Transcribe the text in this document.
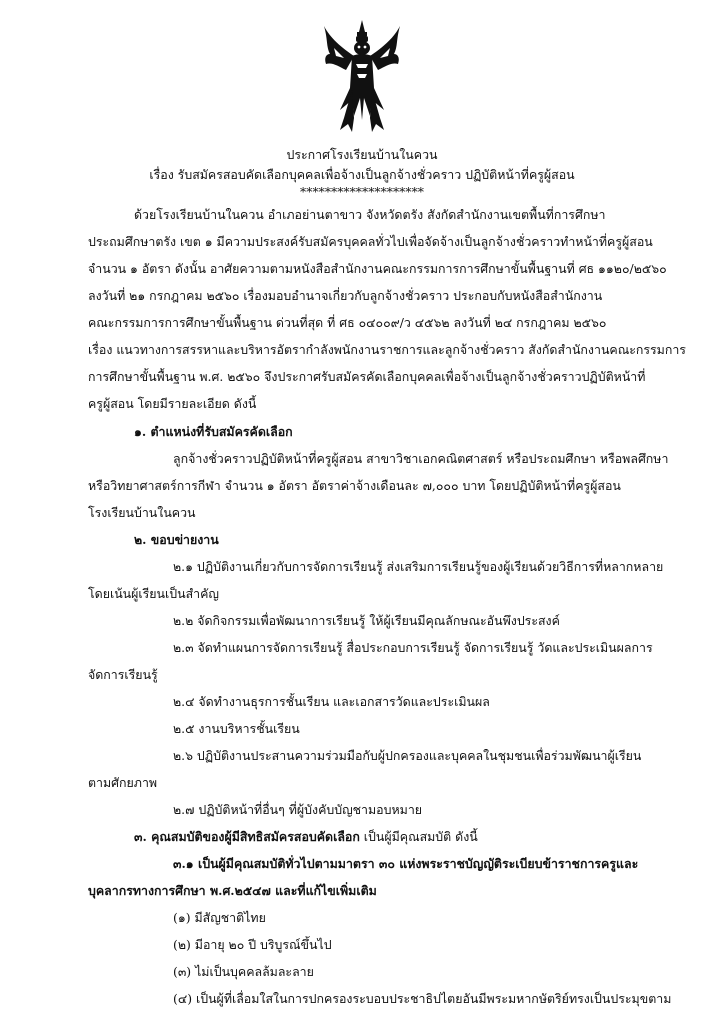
ประกาศโรงเรียนบ้านในควน
เรื่อง รับสมัครสอบคัดเลือกบุคคลเพื่อจ้างเป็นลูกจ้างชั่วคราว ปฏิบัติหน้าที่ครูผู้สอน
********************
ด้วยโรงเรียนบ้านในควน อำเภอย่านตาขาว จังหวัดตรัง สังกัดสำนักงานเขตพื้นที่การศึกษา
ประถมศึกษาตรัง เขต ๑ มีความประสงค์รับสมัครบุคคลทั่วไปเพื่อจัดจ้างเป็นลูกจ้างชั่วคราวทำหน้าที่ครูผู้สอน
จำนวน ๑ อัตรา ดังนั้น อาศัยความตามหนังสือสำนักงานคณะกรรมการการศึกษาขั้นพื้นฐานที่ ศธ ๑๑๒๐/๒๕๖๐
ลงวันที่ ๒๑ กรกฎาคม ๒๕๖๐ เรื่องมอบอำนาจเกี่ยวกับลูกจ้างชั่วคราว ประกอบกับหนังสือสำนักงาน
คณะกรรมการการศึกษาขั้นพื้นฐาน ด่วนที่สุด ที่ ศธ ๐๔๐๐๙/ว ๔๕๖๒ ลงวันที่ ๒๔ กรกฎาคม ๒๕๖๐
เรื่อง แนวทางการสรรหาและบริหารอัตรากำลังพนักงานราชการและลูกจ้างชั่วคราว สังกัดสำนักงานคณะกรรมการ
การศึกษาขั้นพื้นฐาน พ.ศ. ๒๕๖๐ จึงประกาศรับสมัครคัดเลือกบุคคลเพื่อจ้างเป็นลูกจ้างชั่วคราวปฏิบัติหน้าที่
ครูผู้สอน โดยมีรายละเอียด ดังนี้
๑. ตำแหน่งที่รับสมัครคัดเลือก
ลูกจ้างชั่วคราวปฏิบัติหน้าที่ครูผู้สอน สาขาวิชาเอกคณิตศาสตร์ หรือประถมศึกษา หรือพลศึกษา
หรือวิทยาศาสตร์การกีฬา จำนวน ๑ อัตรา อัตราค่าจ้างเดือนละ ๗,๐๐๐ บาท โดยปฏิบัติหน้าที่ครูผู้สอน
โรงเรียนบ้านในควน
๒. ขอบข่ายงาน
๒.๑ ปฏิบัติงานเกี่ยวกับการจัดการเรียนรู้ ส่งเสริมการเรียนรู้ของผู้เรียนด้วยวิธีการที่หลากหลาย
โดยเน้นผู้เรียนเป็นสำคัญ
๒.๒ จัดกิจกรรมเพื่อพัฒนาการเรียนรู้ ให้ผู้เรียนมีคุณลักษณะอันพึงประสงค์
๒.๓ จัดทำแผนการจัดการเรียนรู้ สื่อประกอบการเรียนรู้ จัดการเรียนรู้ วัดและประเมินผลการ
จัดการเรียนรู้
๒.๔ จัดทำงานธุรการชั้นเรียน และเอกสารวัดและประเมินผล
๒.๕ งานบริหารชั้นเรียน
๒.๖ ปฏิบัติงานประสานความร่วมมือกับผู้ปกครองและบุคคลในชุมชนเพื่อร่วมพัฒนาผู้เรียน
ตามศักยภาพ
๒.๗ ปฏิบัติหน้าที่อื่นๆ ที่ผู้บังคับบัญชามอบหมาย
๓. คุณสมบัติของผู้มีสิทธิสมัครสอบคัดเลือก เป็นผู้มีคุณสมบัติ ดังนี้
๓.๑ เป็นผู้มีคุณสมบัติทั่วไปตามมาตรา ๓๐ แห่งพระราชบัญญัติระเบียบข้าราชการครูและ
บุคลากรทางการศึกษา พ.ศ.๒๕๔๗ และที่แก้ไขเพิ่มเติม
(๑) มีสัญชาติไทย
(๒) มีอายุ ๒๐ ปี บริบูรณ์ขึ้นไป
(๓) ไม่เป็นบุคคลล้มละลาย
(๔) เป็นผู้ที่เลื่อมใสในการปกครองระบอบประชาธิปไตยอันมีพระมหากษัตริย์ทรงเป็นประมุขตาม
